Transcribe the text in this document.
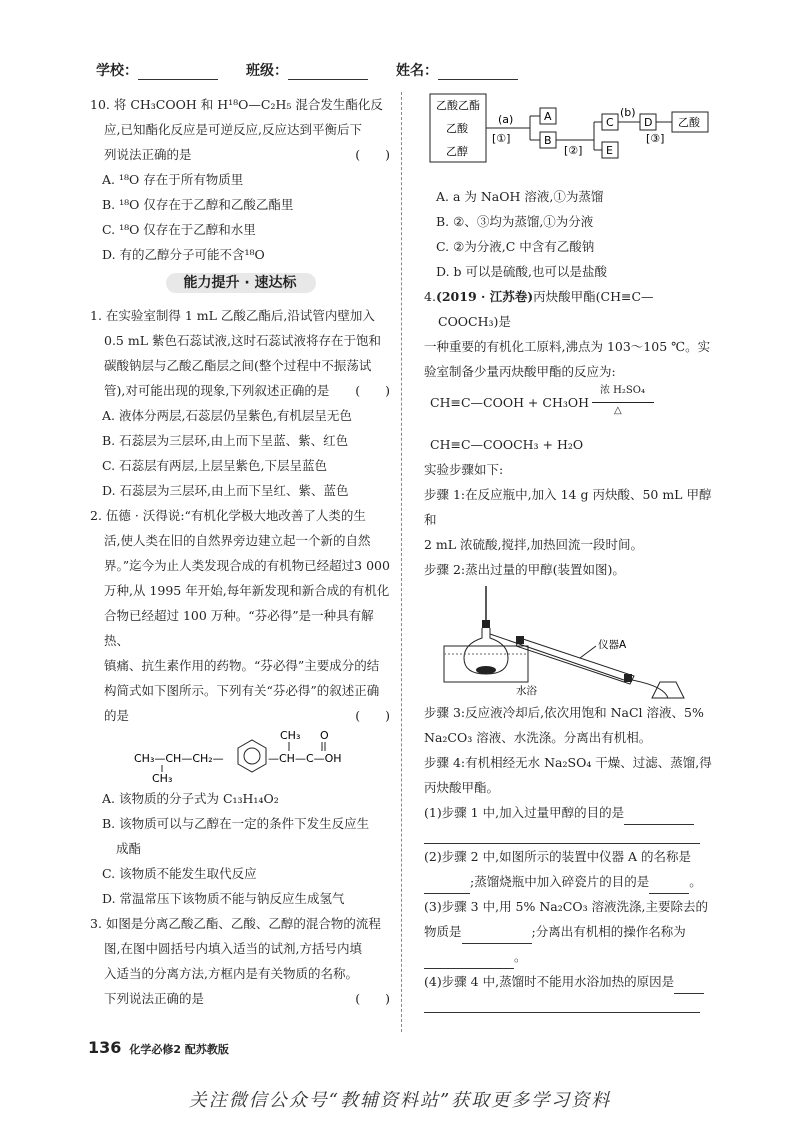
学校：	班级：	姓名：

10. 将 CH₃COOH 和 H¹⁸O—C₂H₅ 混合发生酯化反

应,已知酯化反应是可逆反应,反应达到平衡后下

列说法正确的是	(　　)

A. ¹⁸O 存在于所有物质里

B. ¹⁸O 仅存在于乙醇和乙酸乙酯里

C. ¹⁸O 仅存在于乙醇和水里

D. 有的乙醇分子可能不含¹⁸O

能力提升 · 速达标

1. 在实验室制得 1 mL 乙酸乙酯后,沿试管内壁加入

0.5 mL 紫色石蕊试液,这时石蕊试液将存在于饱和

碳酸钠层与乙酸乙酯层之间(整个过程中不振荡试

管),对可能出现的现象,下列叙述正确的是 (　　)

A. 液体分两层,石蕊层仍呈紫色,有机层呈无色

B. 石蕊层为三层环,由上而下呈蓝、紫、红色

C. 石蕊层有两层,上层呈紫色,下层呈蓝色

D. 石蕊层为三层环,由上而下呈红、紫、蓝色

2. 伍德 · 沃得说:“有机化学极大地改善了人类的生

活,使人类在旧的自然界旁边建立起一个新的自然

界。”迄今为止人类发现合成的有机物已经超过3 000

万种,从 1995 年开始,每年新发现和新合成的有机化

合物已经超过 100 万种。“芬必得”是一种具有解热、

镇痛、抗生素作用的药物。“芬必得”主要成分的结

构简式如下图所示。下列有关“芬必得”的叙述正确

的是	(　　)

CH₃—CH—CH₂—
CH₃
—CH—C—OH
CH₃ O

A. 该物质的分子式为 C₁₃H₁₄O₂

B. 该物质可以与乙醇在一定的条件下发生反应生

成酯

C. 该物质不能发生取代反应

D. 常温常压下该物质不能与钠反应生成氢气

3. 如图是分离乙酸乙酯、乙酸、乙醇的混合物的流程

图,在图中圆括号内填入适当的试剂,方括号内填

入适当的分离方法,方框内是有关物质的名称。

下列说法正确的是	(　　)

乙酸乙酯
乙酸
乙醇
(a)
[①]
A
B
[②]
C
E
(b)
D
[③]
乙酸

A. a 为 NaOH 溶液,①为蒸馏

B. ②、③均为蒸馏,①为分液

C. ②为分液,C 中含有乙酸钠

D. b 可以是硫酸,也可以是盐酸

4.(2019 · 江苏卷)丙炔酸甲酯(CH≡C—COOCH₃)是

一种重要的有机化工原料,沸点为 103～105 ℃。实

验室制备少量丙炔酸甲酯的反应为:

CH≡C—COOH + CH₃OH
浓 H₂SO₄
△

CH≡C—COOCH₃ + H₂O

实验步骤如下:

步骤 1:在反应瓶中,加入 14 g 丙炔酸、50 mL 甲醇和

2 mL 浓硫酸,搅拌,加热回流一段时间。

步骤 2:蒸出过量的甲醇(装置如图)。

仪器A
水浴

步骤 3:反应液冷却后,依次用饱和 NaCl 溶液、5%

Na₂CO₃ 溶液、水洗涤。分离出有机相。

步骤 4:有机相经无水 Na₂SO₄ 干燥、过滤、蒸馏,得

丙炔酸甲酯。

(1)步骤 1 中,加入过量甲醇的目的是

(2)步骤 2 中,如图所示的装置中仪器 A 的名称是

;蒸馏烧瓶中加入碎瓷片的目的是	。

(3)步骤 3 中,用 5% Na₂CO₃ 溶液洗涤,主要除去的

物质是	;分离出有机相的操作名称为

。

(4)步骤 4 中,蒸馏时不能用水浴加热的原因是

136 化学必修2 配苏教版
关注微信公众号“教辅资料站”获取更多学习资料
